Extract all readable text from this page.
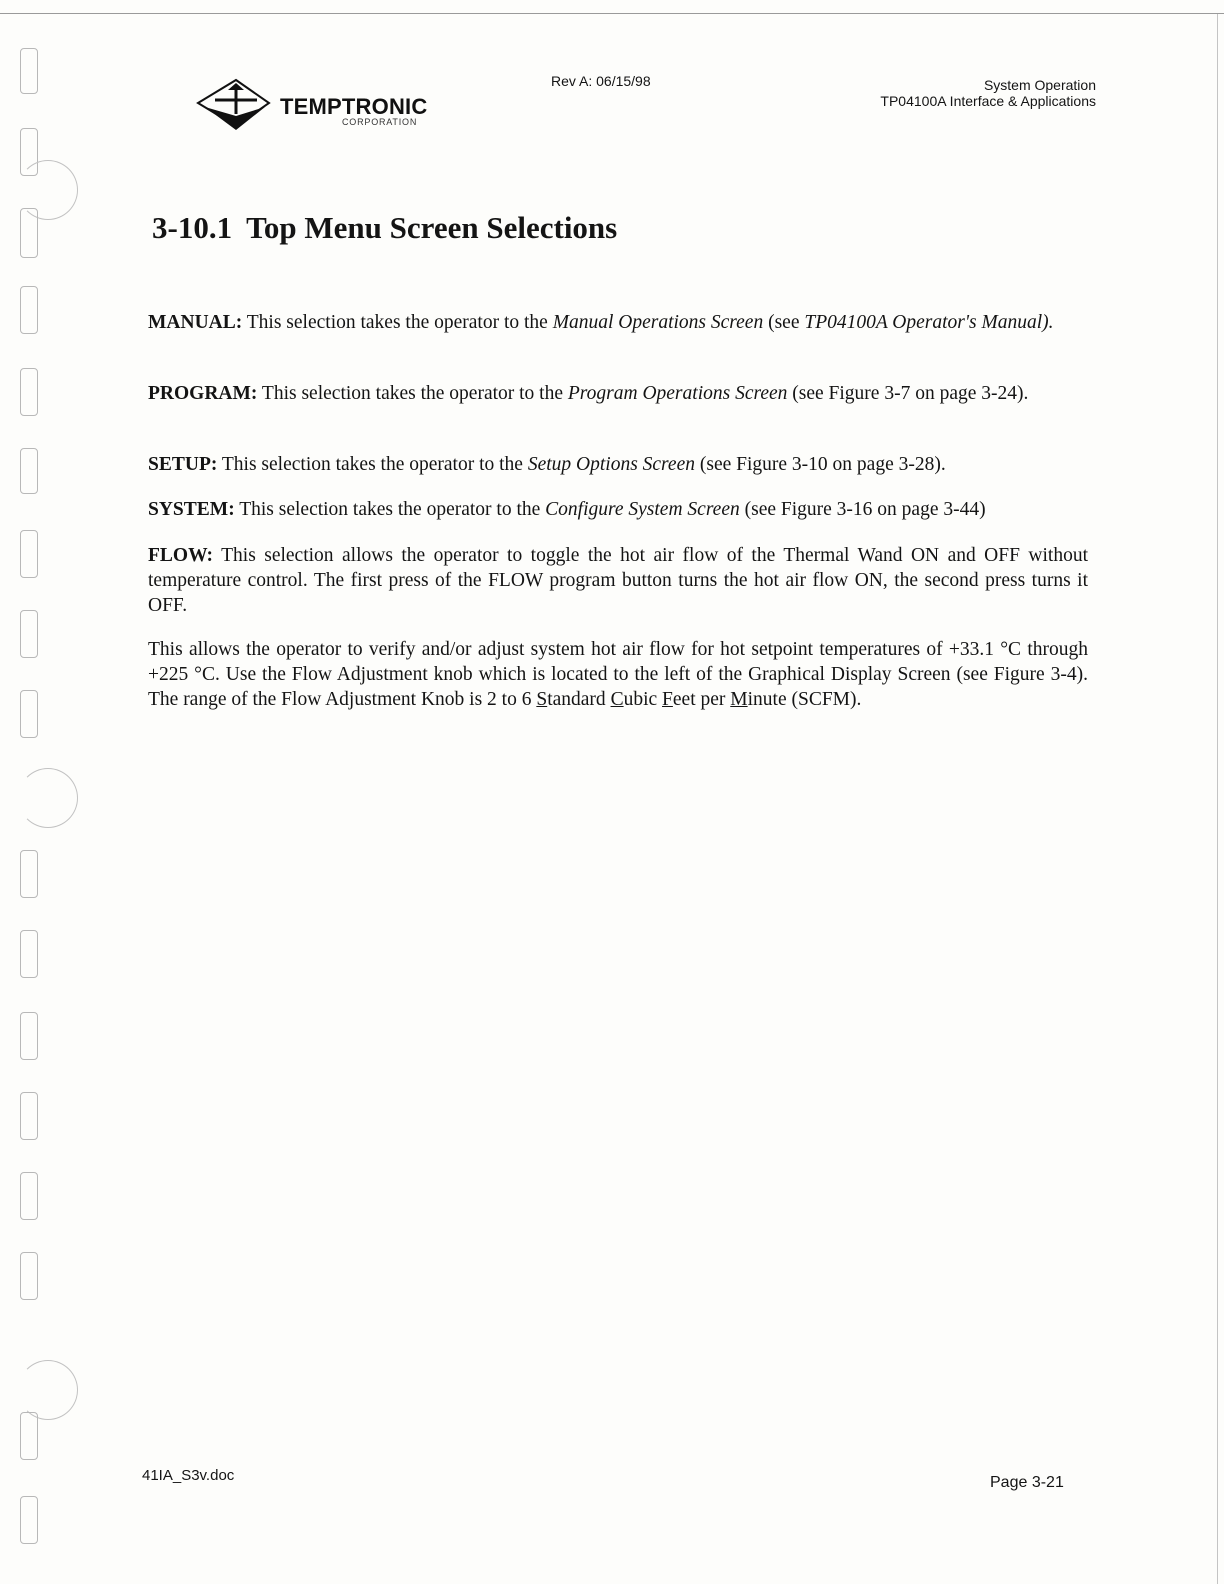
TEMPTRONIC
CORPORATION
Rev A: 06/15/98	System Operation
TP04100A Interface & Applications
3-10.1 Top Menu Screen Selections

MANUAL: This selection takes the operator to the Manual Operations Screen (see TP04100A Operator's Manual).

PROGRAM: This selection takes the operator to the Program Operations Screen (see Figure 3-7 on page 3-24).

SETUP: This selection takes the operator to the Setup Options Screen (see Figure 3-10 on page 3-28).

SYSTEM: This selection takes the operator to the Configure System Screen (see Figure 3-16 on page 3-44)

FLOW: This selection allows the operator to toggle the hot air flow of the Thermal Wand ON and OFF without temperature control. The first press of the FLOW program button turns the hot air flow ON, the second press turns it OFF.

This allows the operator to verify and/or adjust system hot air flow for hot setpoint temperatures of +33.1 °C through +225 °C. Use the Flow Adjustment knob which is located to the left of the Graphical Display Screen (see Figure 3-4). The range of the Flow Adjustment Knob is 2 to 6 Standard Cubic Feet per Minute (SCFM).

41IA_S3v.doc	Page 3-21
